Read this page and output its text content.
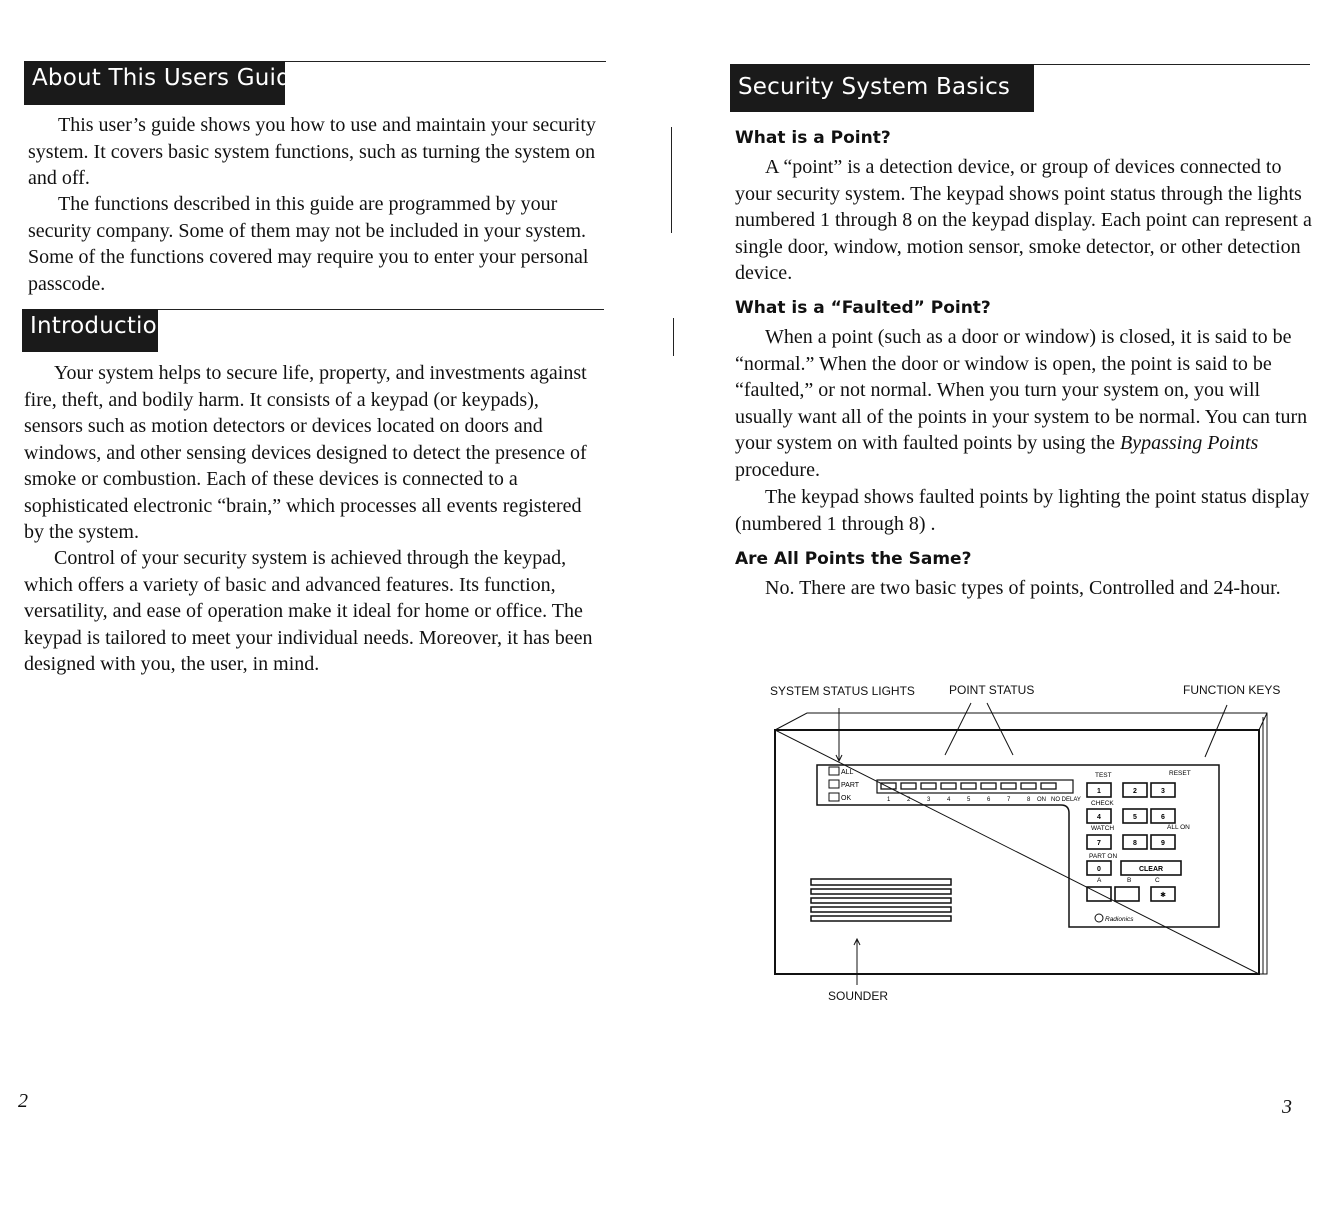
About This Users Guide

This user’s guide shows you how to use and maintain your security system. It covers basic system functions, such as turning the system on and off.

The functions described in this guide are programmed by your security company. Some of them may not be included in your system. Some of the functions covered may require you to enter your personal passcode.

Introduction

Your system helps to secure life, property, and investments against fire, theft, and bodily harm. It consists of a keypad (or keypads), sensors such as motion detectors or devices located on doors and windows, and other sensing devices designed to detect the presence of smoke or combustion. Each of these devices is connected to a sophisticated electronic “brain,” which processes all events registered by the system.

Control of your security system is achieved through the keypad, which offers a variety of basic and advanced features. Its function, versatility, and ease of operation make it ideal for home or office. The keypad is tailored to meet your individual needs. Moreover, it has been designed with you, the user, in mind.

2
Security System Basics
What is a Point?

A “point” is a detection device, or group of devices connected to your security system. The keypad shows point status through the lights numbered 1 through 8 on the keypad display. Each point can represent a single door, window, motion sensor, smoke detector, or other detection device.

What is a “Faulted” Point?

When a point (such as a door or window) is closed, it is said to be “normal.” When the door or window is open, the point is said to be “faulted,” or not normal. When you turn your system on, you will usually want all of the points in your system to be normal. You can turn your system on with faulted points by using the Bypassing Points procedure.

The keypad shows faulted points by lighting the point status display (numbered 1 through 8) .

Are All Points the Same?

No. There are two basic types of points, Controlled and 24-hour.

SYSTEM STATUS LIGHTS	POINT STATUS	FUNCTION KEYS
SOUNDER
ALL
PART
OK	1	2	3	4	5	6	7	8 ON NO DELAY
1	2	3
4	5	6
7	8	9
0	CLEAR
✱
TEST	RESET
CHECK
WATCH	ALL ON
PART ON
A	B	C
Radionics
3
